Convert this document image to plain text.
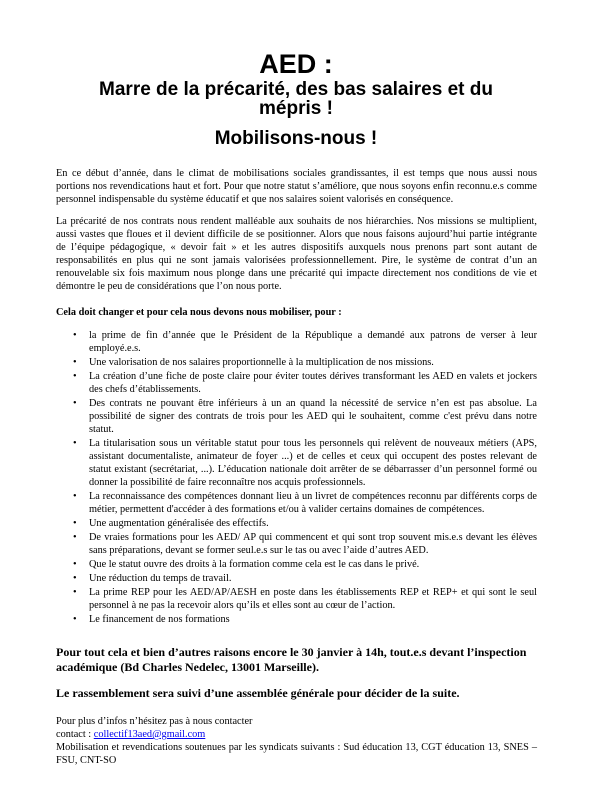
AED :
Marre de la précarité, des bas salaires et du mépris !
Mobilisons-nous !

En ce début d’année, dans le climat de mobilisations sociales grandissantes, il est temps que nous aussi nous portions nos revendications haut et fort. Pour que notre statut s’améliore, que nous soyons enfin reconnu.e.s comme personnel indispensable du système éducatif et que nos salaires soient valorisés en conséquence.

La précarité de nos contrats nous rendent malléable aux souhaits de nos hiérarchies. Nos missions se multiplient, aussi vastes que floues et il devient difficile de se positionner. Alors que nous faisons aujourd’hui partie intégrante de l’équipe pédagogique, « devoir fait » et les autres dispositifs auxquels nous prenons part sont autant de responsabilités en plus qui ne sont jamais valorisées professionnellement. Pire, le système de contrat d’un an renouvelable six fois maximum nous plonge dans une précarité qui impacte directement nos conditions de vie et démontre le peu de considérations que l’on nous porte.

Cela doit changer et pour cela nous devons nous mobiliser, pour :

• la prime de fin d’année que le Président de la République a demandé aux patrons de verser à leur employé.e.s.
• Une valorisation de nos salaires proportionnelle à la multiplication de nos missions.
• La création d’une fiche de poste claire pour éviter toutes dérives transformant les AED en valets et jockers des chefs d’établissements.
• Des contrats ne pouvant être inférieurs à un an quand la nécessité de service n’en est pas absolue. La possibilité de signer des contrats de trois pour les AED qui le souhaitent, comme c'est prévu dans notre statut.
• La titularisation sous un véritable statut pour tous les personnels qui relèvent de nouveaux métiers (APS, assistant documentaliste, animateur de foyer ...) et de celles et ceux qui occupent des postes relevant de statut existant (secrétariat, ...). L’éducation nationale doit arrêter de se débarrasser d’un personnel formé ou donner la possibilité de faire reconnaître nos acquis professionnels.
• La reconnaissance des compétences donnant lieu à un livret de compétences reconnu par différents corps de métier, permettent d'accéder à des formations et/ou à valider certains domaines de compétences.
• Une augmentation généralisée des effectifs.
• De vraies formations pour les AED/ AP qui commencent et qui sont trop souvent mis.e.s devant les élèves sans préparations, devant se former seul.e.s sur le tas ou avec l’aide d’autres AED.
• Que le statut ouvre des droits à la formation comme cela est le cas dans le privé.
• Une réduction du temps de travail.
• La prime REP pour les AED/AP/AESH en poste dans les établissements REP et REP+ et qui sont le seul personnel à ne pas la recevoir alors qu’ils et elles sont au cœur de l’action.
• Le financement de nos formations

Pour tout cela et bien d’autres raisons encore le 30 janvier à 14h, tout.e.s devant l’inspection académique (Bd Charles Nedelec, 13001 Marseille).

Le rassemblement sera suivi d’une assemblée générale pour décider de la suite.

Pour plus d’infos n’hésitez pas à nous contacter
contact : collectif13aed@gmail.com
Mobilisation et revendications soutenues par les syndicats suivants : Sud éducation 13, CGT éducation 13, SNES – FSU, CNT-SO
